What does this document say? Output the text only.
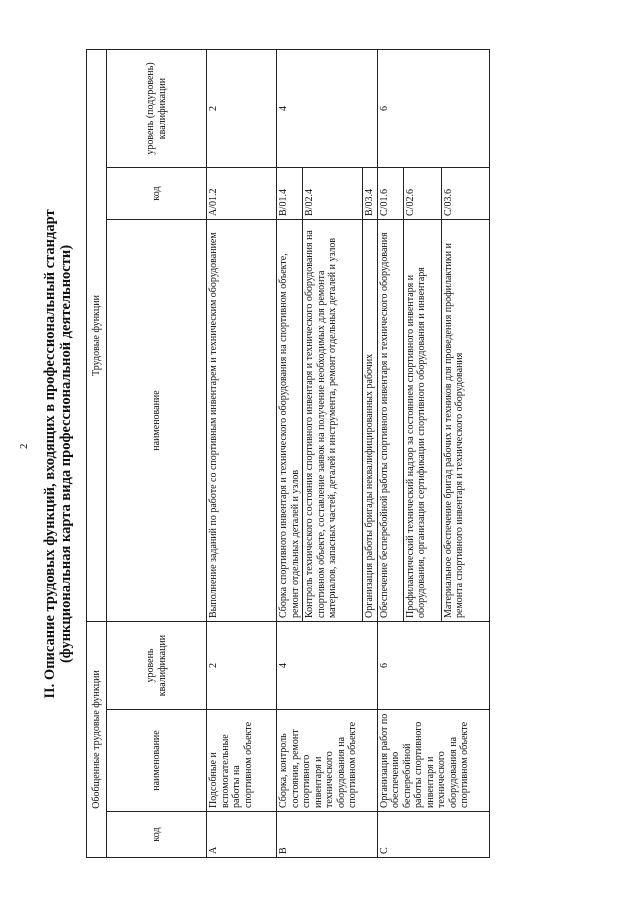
2 II. Описание трудовых функций, входящих в профессиональный стандарт (функциональная карта вида профессиональной деятельности)
Обобщенные трудовые функции			Трудовые функции		
код	наименование	уровень квалификации	наименование	код	уровень (подуровень) квалификации
A	Подсобные и вспомогательные работы на спортивном объекте	2	Выполнение заданий по работе со спортивным инвентарем и техническим оборудованием	A/01.2	2
B	Сборка, контроль состояния, ремонт спортивного инвентаря и технического оборудования на спортивном объекте	4	Сборка спортивного инвентаря и технического оборудования на спортивном объекте, ремонт отдельных деталей и узлов	B/01.4	4
			Контроль технического состояния спортивного инвентаря и технического оборудования на спортивном объекте, составление заявок на получение необходимых для ремонта материалов, запасных частей, деталей и инструмента, ремонт отдельных деталей и узлов	B/02.4	
			Организация работы бригады неквалифицированных рабочих	B/03.4	
C	Организация работ по обеспечению бесперебойной работы спортивного инвентаря и технического оборудования на спортивном объекте	6	Обеспечение бесперебойной работы спортивного инвентаря и технического оборудования	C/01.6	6
			Профилактический технический надзор за состоянием спортивного инвентаря и оборудования, организация сертификации спортивного оборудования и инвентаря	C/02.6	
			Материальное обеспечение бригад рабочих и техников для проведения профилактики и ремонта спортивного инвентаря и технического оборудования	C/03.6	
